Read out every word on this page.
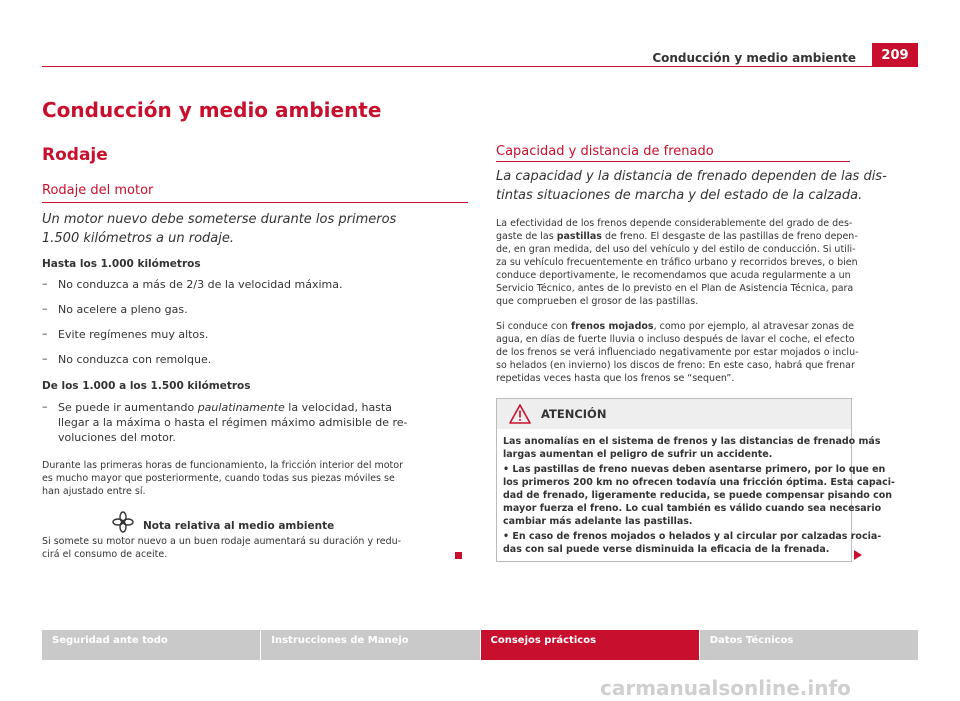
Conducción y medio ambiente	209
Conducción y medio ambiente
Rodaje
Rodaje del motor
Un motor nuevo debe someterse durante los primeros
1.500 kilómetros a un rodaje.
Hasta los 1.000 kilómetros
– No conduzca a más de 2/3 de la velocidad máxima.
– No acelere a pleno gas.
– Evite regímenes muy altos.
– No conduzca con remolque.
De los 1.000 a los 1.500 kilómetros
– Se puede ir aumentando paulatinamente la velocidad, hasta
llegar a la máxima o hasta el régimen máximo admisible de re-
voluciones del motor.
Durante las primeras horas de funcionamiento, la fricción interior del motor
es mucho mayor que posteriormente, cuando todas sus piezas móviles se
han ajustado entre sí.
Nota relativa al medio ambiente
Si somete su motor nuevo a un buen rodaje aumentará su duración y redu-
cirá el consumo de aceite.
Capacidad y distancia de frenado
La capacidad y la distancia de frenado dependen de las dis-
tintas situaciones de marcha y del estado de la calzada.
La efectividad de los frenos depende considerablemente del grado de des-
gaste de las pastillas de freno. El desgaste de las pastillas de freno depen-
de, en gran medida, del uso del vehículo y del estilo de conducción. Si utili-
za su vehículo frecuentemente en tráfico urbano y recorridos breves, o bien
conduce deportivamente, le recomendamos que acuda regularmente a un
Servicio Técnico, antes de lo previsto en el Plan de Asistencia Técnica, para
que comprueben el grosor de las pastillas.
Si conduce con frenos mojados, como por ejemplo, al atravesar zonas de
agua, en días de fuerte lluvia o incluso después de lavar el coche, el efecto
de los frenos se verá influenciado negativamente por estar mojados o inclu-
so helados (en invierno) los discos de freno: En este caso, habrá que frenar
repetidas veces hasta que los frenos se “sequen”.
ATENCIÓN
Las anomalías en el sistema de frenos y las distancias de frenado más
largas aumentan el peligro de sufrir un accidente.
• Las pastillas de freno nuevas deben asentarse primero, por lo que en
los primeros 200 km no ofrecen todavía una fricción óptima. Esta capaci-
dad de frenado, ligeramente reducida, se puede compensar pisando con
mayor fuerza el freno. Lo cual también es válido cuando sea necesario
cambiar más adelante las pastillas.
• En caso de frenos mojados o helados y al circular por calzadas rocia-
das con sal puede verse disminuida la eficacia de la frenada.
Seguridad ante todo	Instrucciones de Manejo	Consejos prácticos	Datos Técnicos
carmanualsonline.info
